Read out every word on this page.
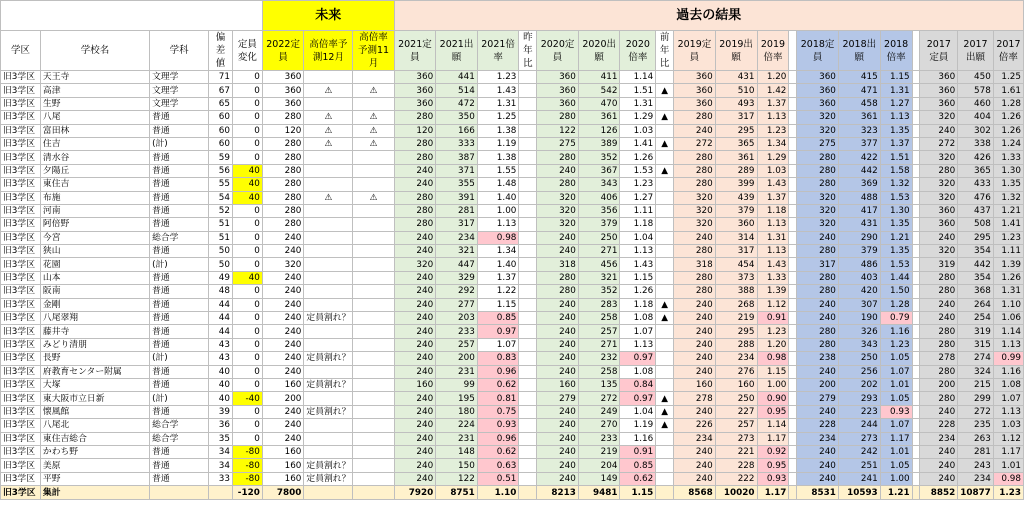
					未来			過去の結果																		
学区	学校名	学科	偏差値	定員変化	2022定員	高倍率予測12月	高倍率予測11月	2021定員	2021出願	2021倍率	昨年比	2020定員	2020出願	2020倍率	前年比	2019定員	2019出願	2019倍率		2018定員	2018出願	2018倍率		2017定員	2017出願	2017倍率
旧3学区	天王寺	文理学	71	0	360			360	441	1.23		360	411	1.14		360	431	1.20		360	415	1.15		360	450	1.25
旧3学区	高津	文理学	67	0	360	⚠	⚠	360	514	1.43		360	542	1.51	▲	360	510	1.42		360	471	1.31		360	578	1.61
旧3学区	生野	文理学	65	0	360			360	472	1.31		360	470	1.31		360	493	1.37		360	458	1.27		360	460	1.28
旧3学区	八尾	普通	60	0	280	⚠	⚠	280	350	1.25		280	361	1.29	▲	280	317	1.13		320	361	1.13		320	404	1.26
旧3学区	富田林	普通	60	0	120	⚠	⚠	120	166	1.38		122	126	1.03		240	295	1.23		320	323	1.35		240	302	1.26
旧3学区	住吉	(計)	60	0	280	⚠	⚠	280	333	1.19		275	389	1.41	▲	272	365	1.34		275	377	1.37		272	338	1.24
旧3学区	清水谷	普通	59	0	280			280	387	1.38		280	352	1.26		280	361	1.29		280	422	1.51		320	426	1.33
旧3学区	夕陽丘	普通	56	40	280			240	371	1.55		240	367	1.53	▲	280	289	1.03		280	442	1.58		280	365	1.30
旧3学区	東住吉	普通	55	40	280			240	355	1.48		280	343	1.23		280	399	1.43		280	369	1.32		320	433	1.35
旧3学区	布施	普通	54	40	280	⚠	⚠	280	391	1.40		320	406	1.27		320	439	1.37		320	488	1.53		320	476	1.32
旧3学区	河南	普通	52	0	280			280	281	1.00		320	356	1.11		320	379	1.18		320	417	1.30		360	437	1.21
旧3学区	阿倍野	普通	51	0	280			280	317	1.13		320	379	1.18		320	360	1.13		320	431	1.35		360	508	1.41
旧3学区	今宮	総合学	51	0	240			240	234	0.98		240	250	1.04		240	314	1.31		240	290	1.21		240	295	1.23
旧3学区	狭山	普通	50	0	240			240	321	1.34		240	271	1.13		280	317	1.13		280	379	1.35		320	354	1.11
旧3学区	花園	(計)	50	0	320			320	447	1.40		318	456	1.43		318	454	1.43		317	486	1.53		319	442	1.39
旧3学区	山本	普通	49	40	240			240	329	1.37		280	321	1.15		280	373	1.33		280	403	1.44		280	354	1.26
旧3学区	阪南	普通	48	0	240			240	292	1.22		280	352	1.26		280	388	1.39		280	420	1.50		280	368	1.31
旧3学区	金剛	普通	44	0	240			240	277	1.15		240	283	1.18	▲	240	268	1.12		240	307	1.28		240	264	1.10
旧3学区	八尾翠翔	普通	44	0	240	定員割れ？		240	203	0.85		240	258	1.08	▲	240	219	0.91		240	190	0.79		240	254	1.06
旧3学区	藤井寺	普通	44	0	240			240	233	0.97		240	257	1.07		240	295	1.23		280	326	1.16		280	319	1.14
旧3学区	みどり清朋	普通	43	0	240			240	257	1.07		240	271	1.13		240	288	1.20		280	343	1.23		280	315	1.13
旧3学区	長野	(計)	43	0	240	定員割れ？		240	200	0.83		240	232	0.97		240	234	0.98		238	250	1.05		278	274	0.99
旧3学区	府教育センター附属	普通	40	0	240			240	231	0.96		240	258	1.08		240	276	1.15		240	256	1.07		280	324	1.16
旧3学区	大塚	普通	40	0	160	定員割れ？		160	99	0.62		160	135	0.84		160	160	1.00		200	202	1.01		200	215	1.08
旧3学区	東大阪市立日新	(計)	40	-40	200			240	195	0.81		279	272	0.97	▲	278	250	0.90		279	293	1.05		280	299	1.07
旧3学区	懐風館	普通	39	0	240	定員割れ？		240	180	0.75		240	249	1.04	▲	240	227	0.95		240	223	0.93		240	272	1.13
旧3学区	八尾北	総合学	36	0	240			240	224	0.93		240	270	1.19	▲	226	257	1.14		228	244	1.07		228	235	1.03
旧3学区	東住吉総合	総合学	35	0	240			240	231	0.96		240	233	1.16		234	273	1.17		234	273	1.17		234	263	1.12
旧3学区	かわち野	普通	34	-80	160			240	148	0.62		240	219	0.91		240	221	0.92		240	242	1.01		240	281	1.17
旧3学区	美原	普通	34	-80	160	定員割れ？		240	150	0.63		240	204	0.85		240	228	0.95		240	251	1.05		240	243	1.01
旧3学区	平野	普通	33	-80	160	定員割れ？		240	122	0.51		240	149	0.62		240	222	0.93		240	241	1.00		240	234	0.98
旧3学区	集計			-120	7800			7920	8751	1.10		8213	9481	1.15		8568	10020	1.17		8531	10593	1.21		8852	10877	1.23
